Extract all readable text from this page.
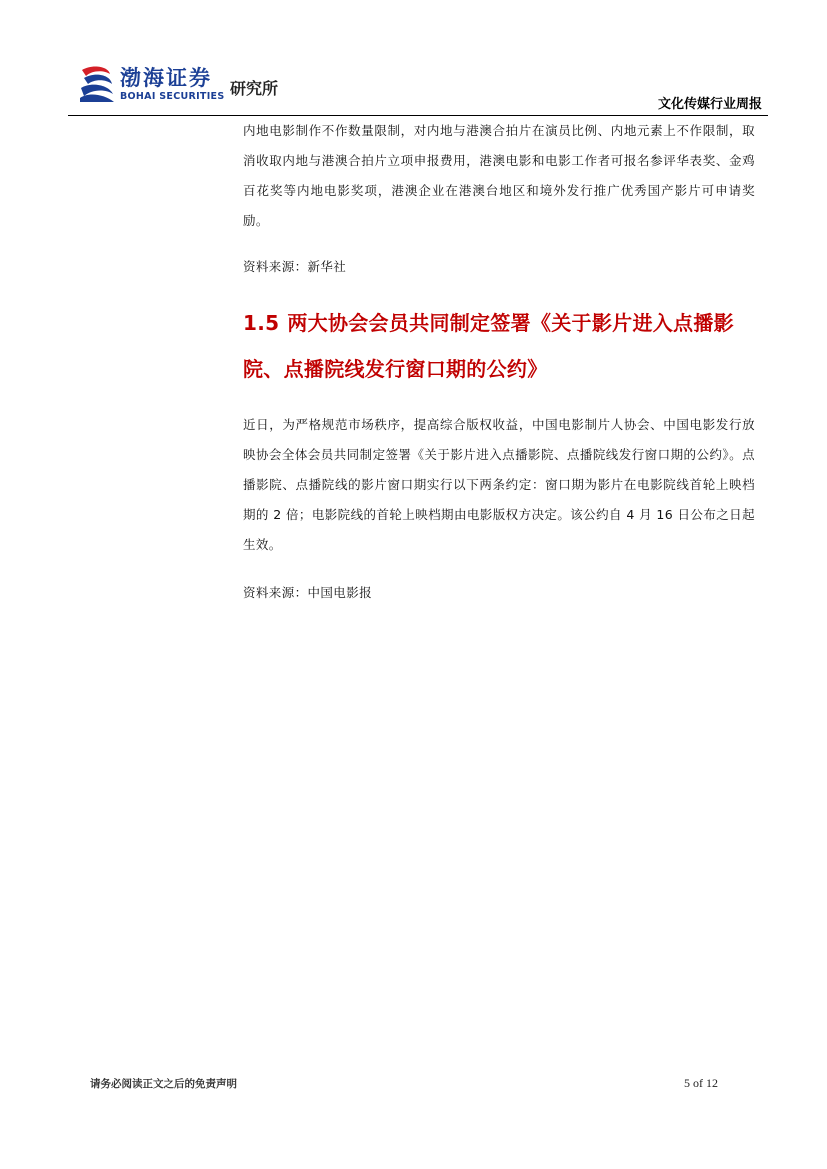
渤海证券
BOHAI SECURITIES 研究所
文化传媒行业周报

内地电影制作不作数量限制，对内地与港澳合拍片在演员比例、内地元素上不作限制，取消收取内地与港澳合拍片立项申报费用，港澳电影和电影工作者可报名参评华表奖、金鸡百花奖等内地电影奖项，港澳企业在港澳台地区和境外发行推广优秀国产影片可申请奖励。

资料来源：新华社

1.5 两大协会会员共同制定签署《关于影片进入点播影院、点播院线发行窗口期的公约》

近日，为严格规范市场秩序，提高综合版权收益，中国电影制片人协会、中国电影发行放映协会全体会员共同制定签署《关于影片进入点播影院、点播院线发行窗口期的公约》。点播影院、点播院线的影片窗口期实行以下两条约定：窗口期为影片在电影院线首轮上映档期的 2 倍；电影院线的首轮上映档期由电影版权方决定。该公约自 4 月 16 日公布之日起生效。

资料来源：中国电影报

请务必阅读正文之后的免责声明	5 of 12
